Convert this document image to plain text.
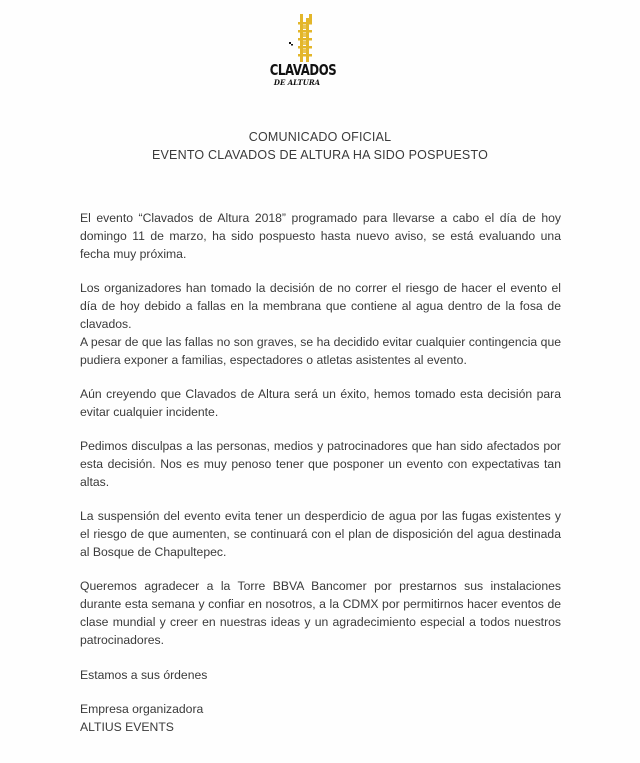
CLAVADOS
DE ALTURA
COMUNICADO OFICIAL
EVENTO CLAVADOS DE ALTURA HA SIDO POSPUESTO

El evento “Clavados de Altura 2018” programado para llevarse a cabo el día de hoy domingo 11 de marzo, ha sido pospuesto hasta nuevo aviso, se está evaluando una fecha muy próxima.

Los organizadores han tomado la decisión de no correr el riesgo de hacer el evento el día de hoy debido a fallas en la membrana que contiene al agua dentro de la fosa de clavados.

A pesar de que las fallas no son graves, se ha decidido evitar cualquier contingencia que pudiera exponer a familias, espectadores o atletas asistentes al evento.

Aún creyendo que Clavados de Altura será un éxito, hemos tomado esta decisión para evitar cualquier incidente.

Pedimos disculpas a las personas, medios y patrocinadores que han sido afectados por esta decisión. Nos es muy penoso tener que posponer un evento con expectativas tan altas.

La suspensión del evento evita tener un desperdicio de agua por las fugas existentes y el riesgo de que aumenten, se continuará con el plan de disposición del agua destinada al Bosque de Chapultepec.

Queremos agradecer a la Torre BBVA Bancomer por prestarnos sus instalaciones durante esta semana y confiar en nosotros, a la CDMX por permitirnos hacer eventos de clase mundial y creer en nuestras ideas y un agradecimiento especial a todos nuestros patrocinadores.

Estamos a sus órdenes
Empresa organizadora
ALTIUS EVENTS
